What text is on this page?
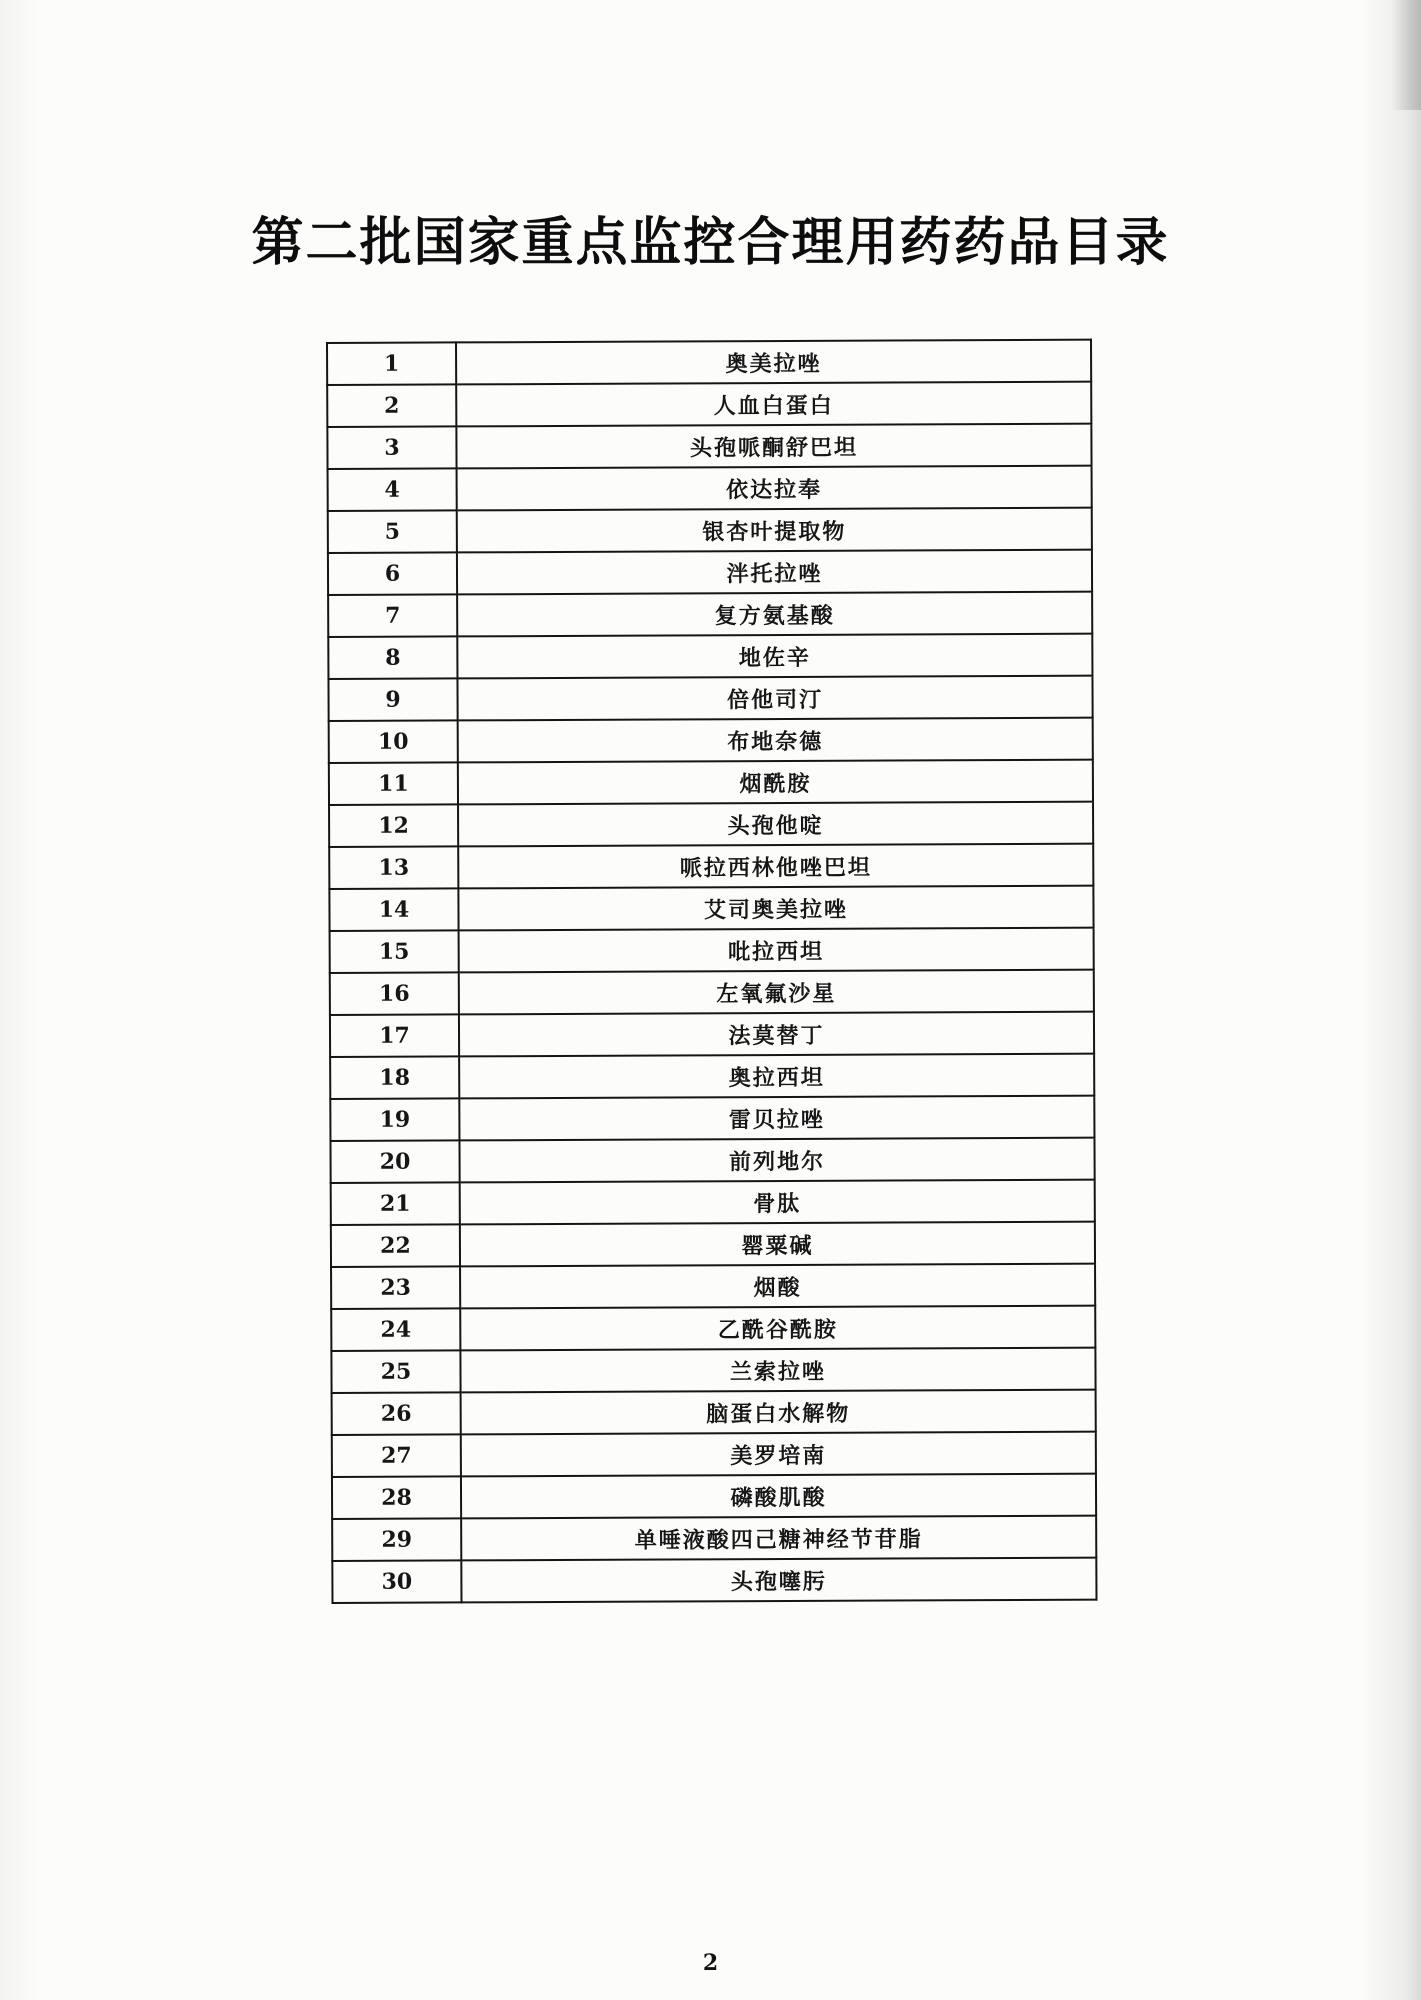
第二批国家重点监控合理用药药品目录
1	奥美拉唑
2	人血白蛋白
3	头孢哌酮舒巴坦
4	依达拉奉
5	银杏叶提取物
6	泮托拉唑
7	复方氨基酸
8	地佐辛
9	倍他司汀
10	布地奈德
11	烟酰胺
12	头孢他啶
13	哌拉西林他唑巴坦
14	艾司奥美拉唑
15	吡拉西坦
16	左氧氟沙星
17	法莫替丁
18	奥拉西坦
19	雷贝拉唑
20	前列地尔
21	骨肽
22	罂粟碱
23	烟酸
24	乙酰谷酰胺
25	兰索拉唑
26	脑蛋白水解物
27	美罗培南
28	磷酸肌酸
29	单唾液酸四己糖神经节苷脂
30	头孢噻肟
2
